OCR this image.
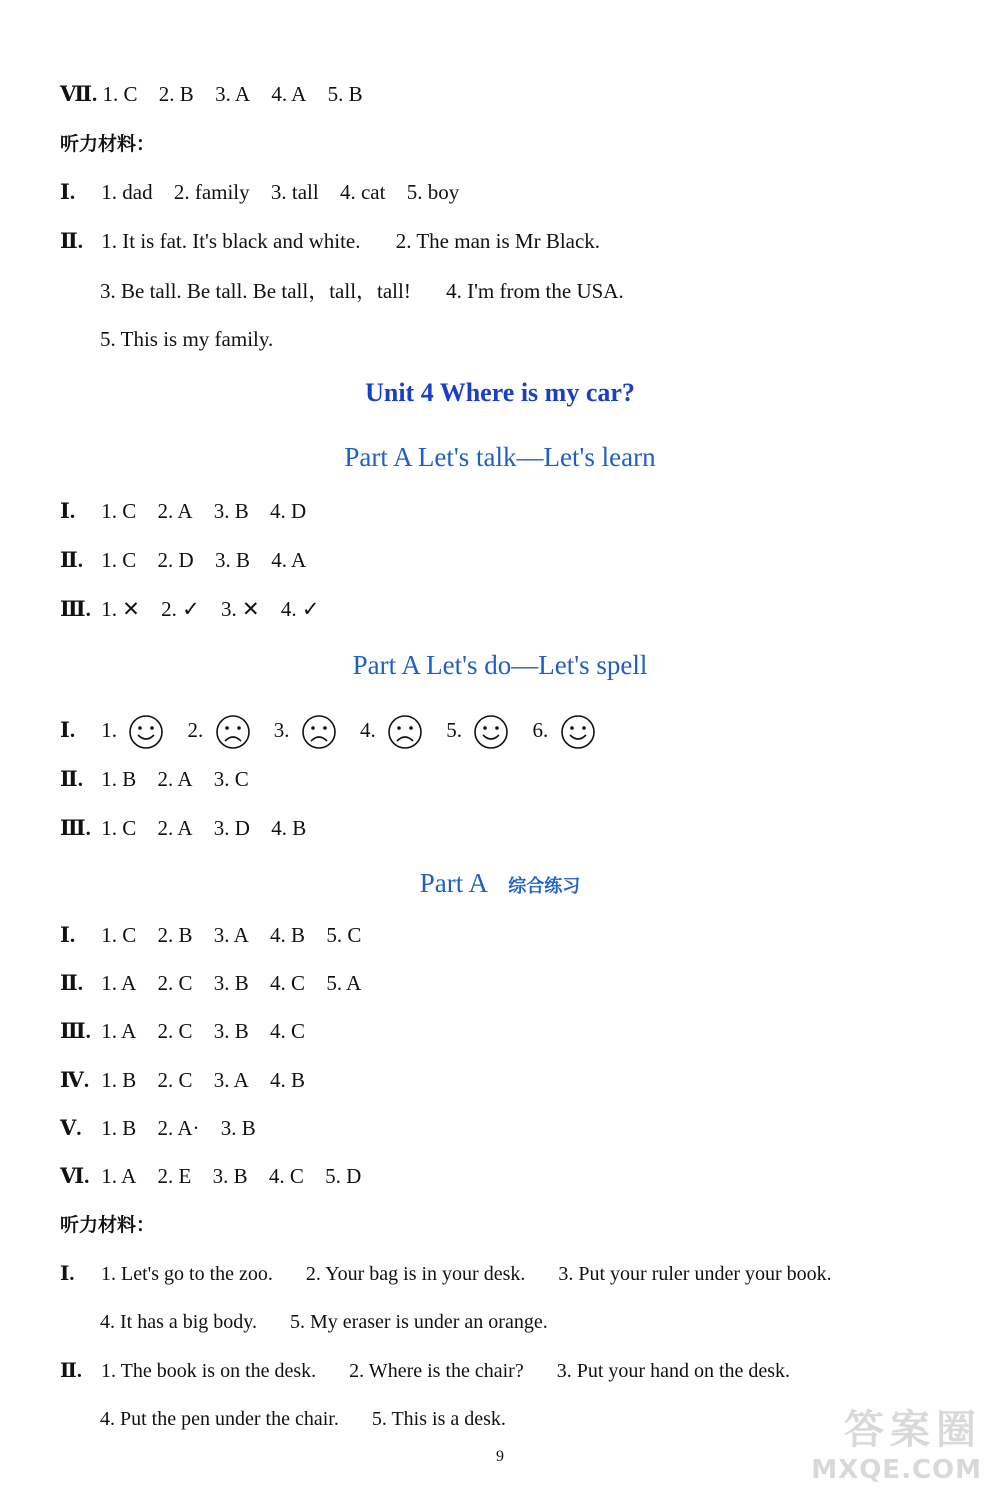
Ⅶ. 1. C 2. B 3. A 4. A 5. B
听力材料：
Ⅰ. 1. dad 2. family 3. tall 4. cat 5. boy
Ⅱ. 1. It is fat. It's black and white. 2. The man is Mr Black.
3. Be tall. Be tall. Be tall，tall，tall! 4. I'm from the USA.
5. This is my family.
Unit 4 Where is my car?
Part A Let's talk—Let's learn
Ⅰ. 1. C 2. A 3. B 4. D
Ⅱ. 1. C 2. D 3. B 4. A
Ⅲ. 1. ✕ 2. ✓ 3. ✕ 4. ✓
Part A Let's do—Let's spell
Ⅰ. 1.	2.	3.	4.	5.	6.
Ⅱ. 1. B 2. A 3. C
Ⅲ. 1. C 2. A 3. D 4. B
Part A 综合练习
Ⅰ. 1. C 2. B 3. A 4. B 5. C
Ⅱ. 1. A 2. C 3. B 4. C 5. A
Ⅲ. 1. A 2. C 3. B 4. C
Ⅳ. 1. B 2. C 3. A 4. B
Ⅴ. 1. B 2. A· 3. B
Ⅵ. 1. A 2. E 3. B 4. C 5. D
听力材料：
Ⅰ. 1. Let's go to the zoo. 2. Your bag is in your desk. 3. Put your ruler under your book.
4. It has a big body. 5. My eraser is under an orange.
Ⅱ. 1. The book is on the desk. 2. Where is the chair? 3. Put your hand on the desk.
4. Put the pen under the chair. 5. This is a desk.
9
答案圈
MXQE.COM
